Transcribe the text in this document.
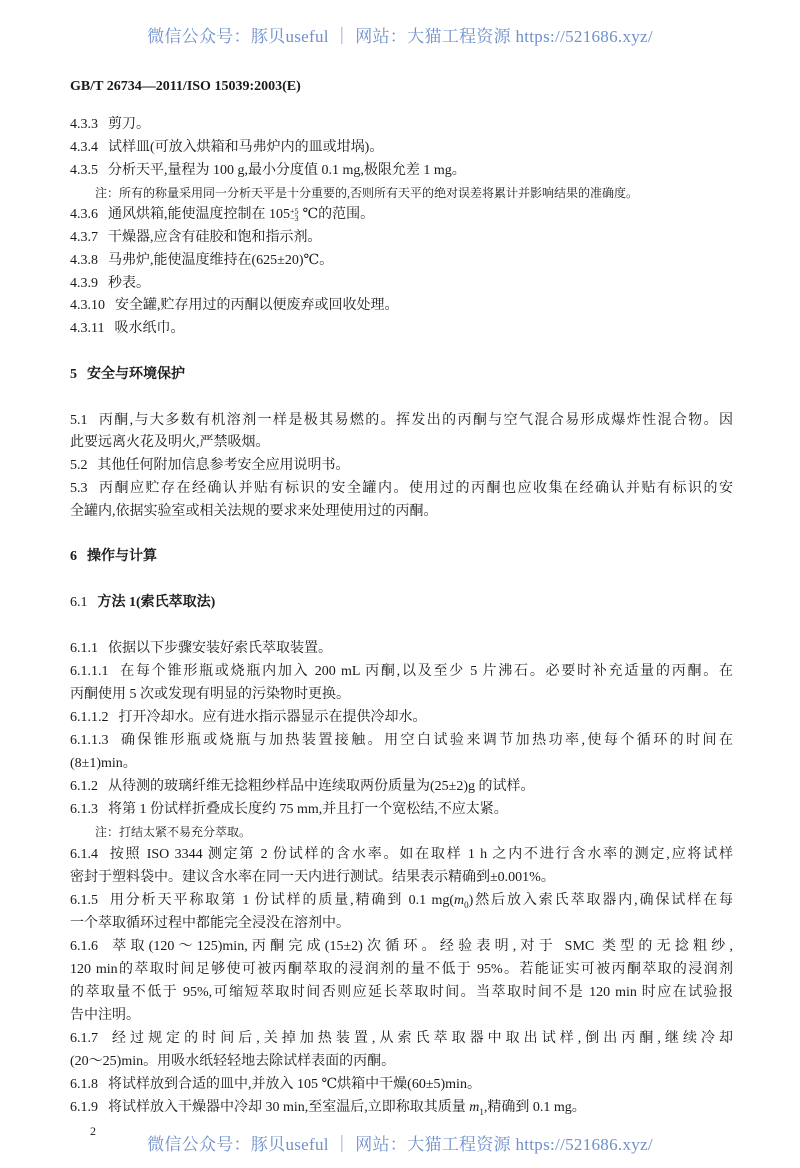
微信公众号：豚贝useful ｜ 网站：大猫工程资源 https://521686.xyz/
GB/T 26734—2011/ISO 15039:2003(E)
4.3.3 剪刀。
4.3.4 试样皿(可放入烘箱和马弗炉内的皿或坩埚)。
4.3.5 分析天平,量程为 100 g,最小分度值 0.1 mg,极限允差 1 mg。
注：所有的称量采用同一分析天平是十分重要的,否则所有天平的绝对误差将累计并影响结果的准确度。
4.3.6 通风烘箱,能使温度控制在 105+5
−3 ℃的范围。
4.3.7 干燥器,应含有硅胶和饱和指示剂。
4.3.8 马弗炉,能使温度维持在(625±20)℃。
4.3.9 秒表。
4.3.10 安全罐,贮存用过的丙酮以便废弃或回收处理。
4.3.11 吸水纸巾。
5 安全与环境保护
5.1 丙酮,与大多数有机溶剂一样是极其易燃的。挥发出的丙酮与空气混合易形成爆炸性混合物。因
此要远离火花及明火,严禁吸烟。
5.2 其他任何附加信息参考安全应用说明书。
5.3 丙酮应贮存在经确认并贴有标识的安全罐内。使用过的丙酮也应收集在经确认并贴有标识的安
全罐内,依据实验室或相关法规的要求来处理使用过的丙酮。
6 操作与计算
6.1 方法 1(索氏萃取法)
6.1.1 依据以下步骤安装好索氏萃取装置。
6.1.1.1 在每个锥形瓶或烧瓶内加入 200 mL 丙酮,以及至少 5 片沸石。必要时补充适量的丙酮。在
丙酮使用 5 次或发现有明显的污染物时更换。
6.1.1.2 打开冷却水。应有进水指示器显示在提供冷却水。
6.1.1.3 确保锥形瓶或烧瓶与加热装置接触。用空白试验来调节加热功率,使每个循环的时间在
(8±1)min。
6.1.2 从待测的玻璃纤维无捻粗纱样品中连续取两份质量为(25±2)g 的试样。
6.1.3 将第 1 份试样折叠成长度约 75 mm,并且打一个宽松结,不应太紧。
注：打结太紧不易充分萃取。
6.1.4 按照 ISO 3344 测定第 2 份试样的含水率。如在取样 1 h 之内不进行含水率的测定,应将试样
密封于塑料袋中。建议含水率在同一天内进行测试。结果表示精确到±0.001%。
6.1.5 用分析天平称取第 1 份试样的质量,精确到 0.1 $mg(m_0)$然后放入索氏萃取器内,确保试样在每
一个萃取循环过程中都能完全浸没在溶剂中。
6.1.6 萃取(120～125)min,丙酮完成(15±2)次循环。经验表明,对于 SMC 类型的无捻粗纱,
120 min的萃取时间足够使可被丙酮萃取的浸润剂的量不低于 95%。若能证实可被丙酮萃取的浸润剂
的萃取量不低于 95%,可缩短萃取时间否则应延长萃取时间。当萃取时间不是 120 min 时应在试验报
告中注明。
6.1.7 经过规定的时间后,关掉加热装置,从索氏萃取器中取出试样,倒出丙酮,继续冷却
(20～25)min。用吸水纸轻轻地去除试样表面的丙酮。
6.1.8 将试样放到合适的皿中,并放入 105 ℃烘箱中干燥(60±5)min。
6.1.9 将试样放入干燥器中冷却 30 min,至室温后,立即称取其质量 $m_1$,精确到 0.1 mg。
2
微信公众号：豚贝useful ｜ 网站：大猫工程资源 https://521686.xyz/
